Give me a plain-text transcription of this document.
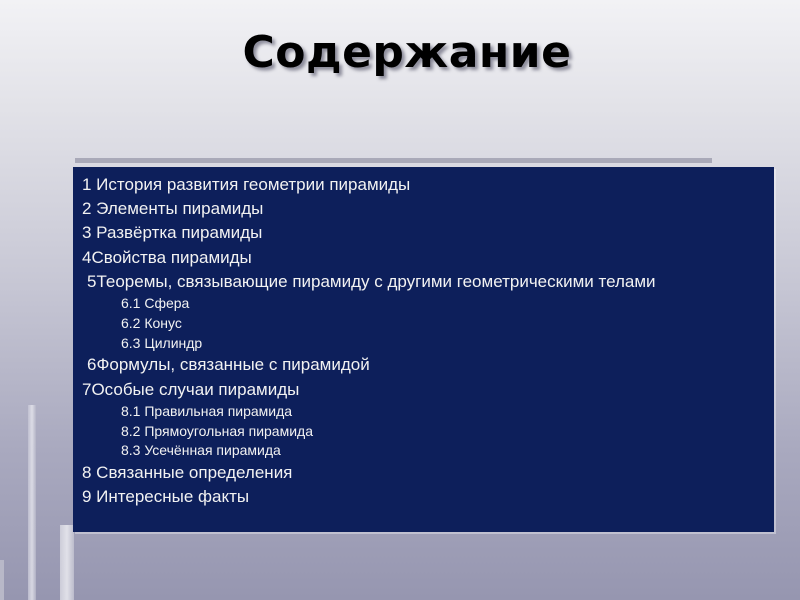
Содержание
1 История развития геометрии пирамиды
2 Элементы пирамиды
3 Развёртка пирамиды
4Свойства пирамиды
5Теоремы, связывающие пирамиду с другими геометрическими телами
6.1 Сфера
6.2 Конус
6.3 Цилиндр
6Формулы, связанные с пирамидой
7Особые случаи пирамиды
8.1 Правильная пирамида
8.2 Прямоугольная пирамида
8.3 Усечённая пирамида
8 Связанные определения
9 Интересные факты
